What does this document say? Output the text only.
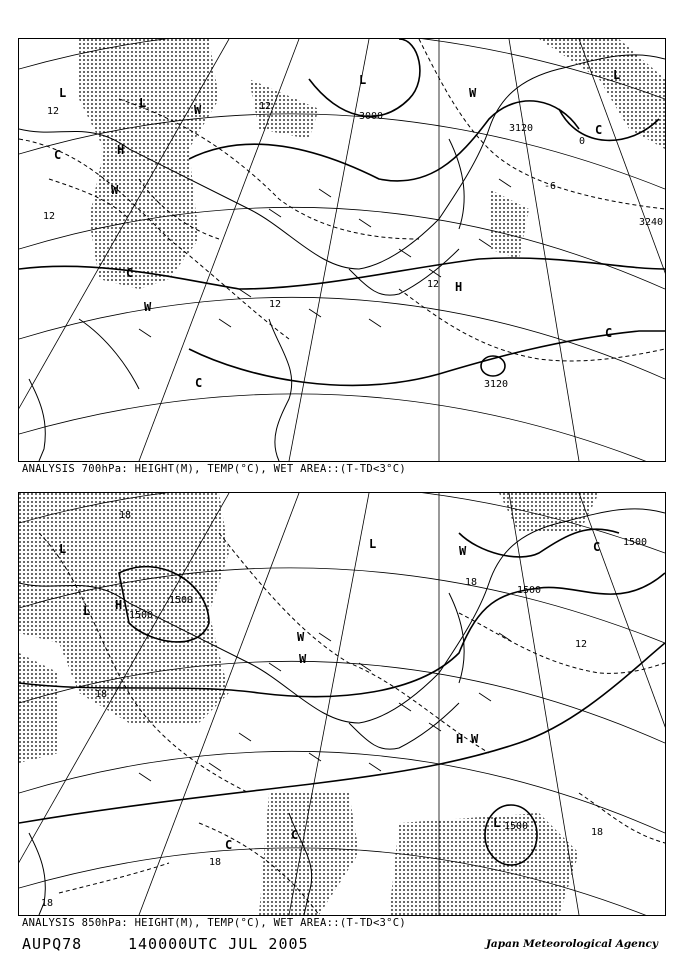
3000
3120
3120
3240
12	12
12
12
12
0
-6
L
L
L	L
H
H
W
W
W
W
C
C
C
C
C
ANALYSIS 700hPa: HEIGHT(M), TEMP(°C), WET AREA::(T-TD<3°C)
1500
1500
1500
1500
1500
18
18
18
18
18
12
18
L
L
L
L
H
H
W
W
W
W
C
C
C
ANALYSIS 850hPa: HEIGHT(M), TEMP(°C), WET AREA::(T-TD<3°C)
AUPQ78	140000UTC JUL 2005	Japan Meteorological Agency
